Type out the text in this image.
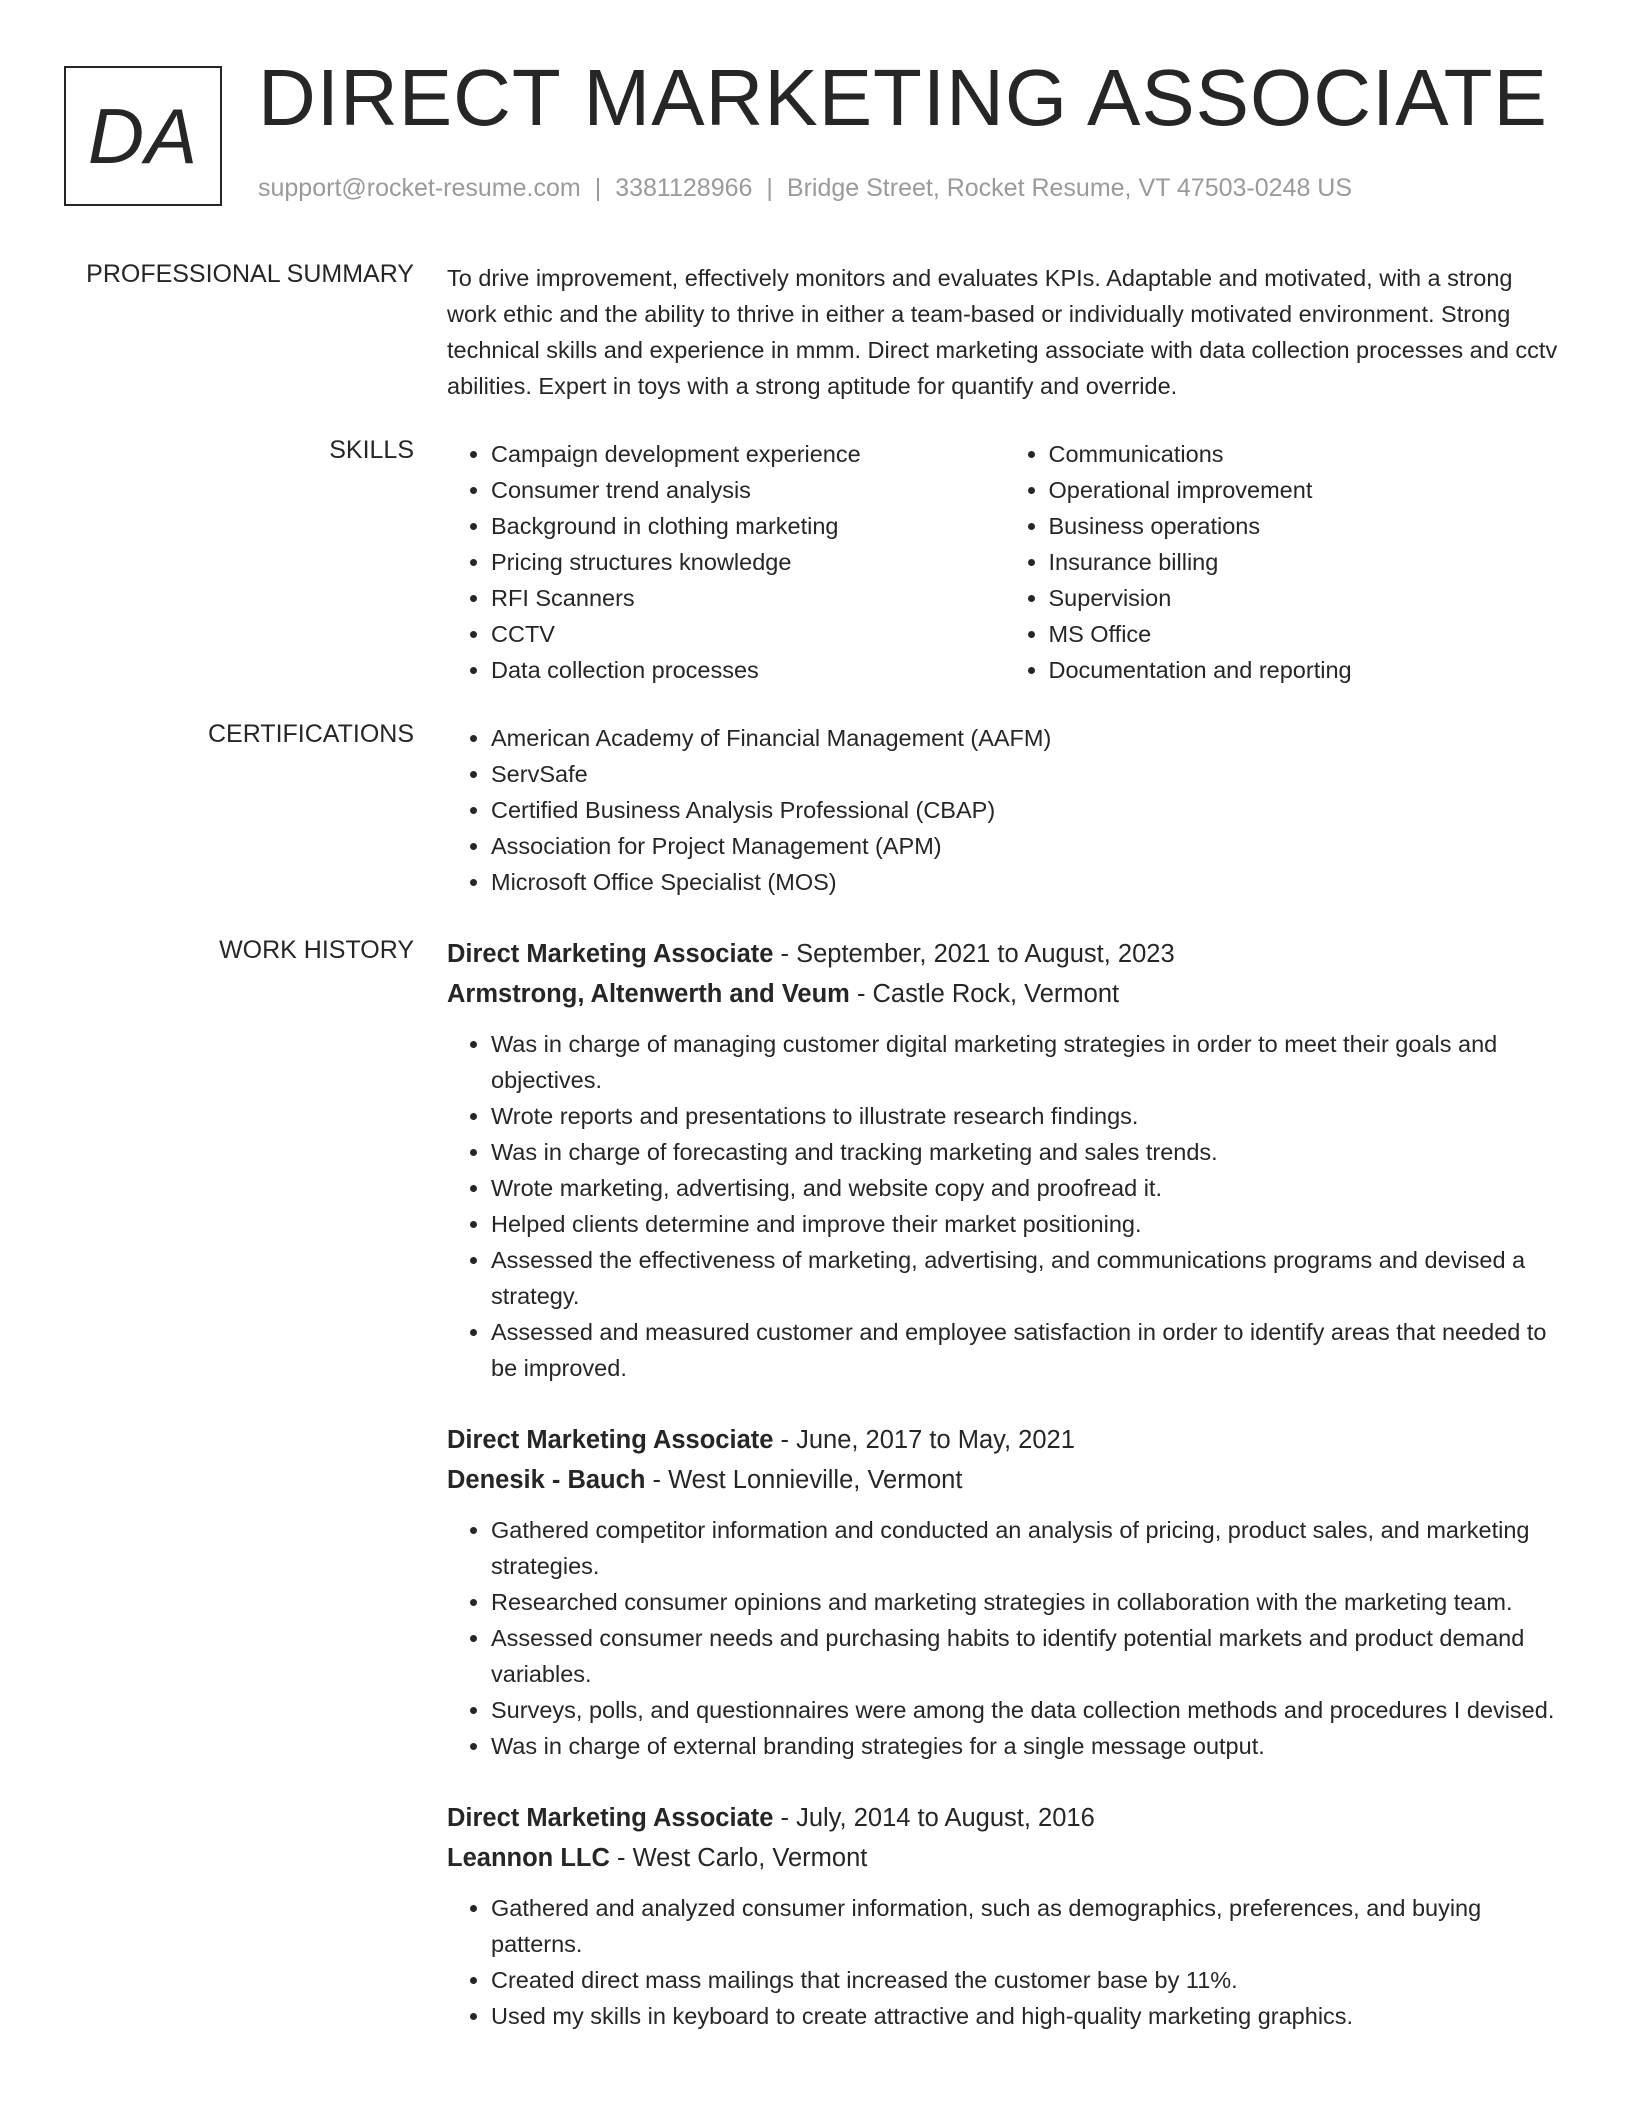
DA DIRECT MARKETING ASSOCIATE
support@rocket-resume.com | 3381128966 | Bridge Street, Rocket Resume, VT 47503-0248 US
PROFESSIONAL SUMMARY To drive improvement, effectively monitors and evaluates KPIs. Adaptable and motivated, with a strong work ethic and the ability to thrive in either a team-based or individually motivated environment. Strong technical skills and experience in mmm. Direct marketing associate with data collection processes and cctv abilities. Expert in toys with a strong aptitude for quantify and override.

SKILLS	• Campaign development experience
• Consumer trend analysis
• Background in clothing marketing
• Pricing structures knowledge
• RFI Scanners
• CCTV
• Data collection processes
• Communications
• Operational improvement
• Business operations
• Insurance billing
• Supervision
• MS Office
• Documentation and reporting
CERTIFICATIONS	• American Academy of Financial Management (AAFM)
• ServSafe
• Certified Business Analysis Professional (CBAP)
• Association for Project Management (APM)
• Microsoft Office Specialist (MOS)
WORK HISTORY Direct Marketing Associate - September, 2021 to August, 2023
Armstrong, Altenwerth and Veum - Castle Rock, Vermont
• Was in charge of managing customer digital marketing strategies in order to meet their goals and objectives.
• Wrote reports and presentations to illustrate research findings.
• Was in charge of forecasting and tracking marketing and sales trends.
• Wrote marketing, advertising, and website copy and proofread it.
• Helped clients determine and improve their market positioning.
• Assessed the effectiveness of marketing, advertising, and communications programs and devised a strategy.
• Assessed and measured customer and employee satisfaction in order to identify areas that needed to be improved.
Direct Marketing Associate - June, 2017 to May, 2021
Denesik - Bauch - West Lonnieville, Vermont
• Gathered competitor information and conducted an analysis of pricing, product sales, and marketing strategies.
• Researched consumer opinions and marketing strategies in collaboration with the marketing team.
• Assessed consumer needs and purchasing habits to identify potential markets and product demand variables.
• Surveys, polls, and questionnaires were among the data collection methods and procedures I devised.
• Was in charge of external branding strategies for a single message output.
Direct Marketing Associate - July, 2014 to August, 2016
Leannon LLC - West Carlo, Vermont
• Gathered and analyzed consumer information, such as demographics, preferences, and buying patterns.
• Created direct mass mailings that increased the customer base by 11%.
• Used my skills in keyboard to create attractive and high-quality marketing graphics.
